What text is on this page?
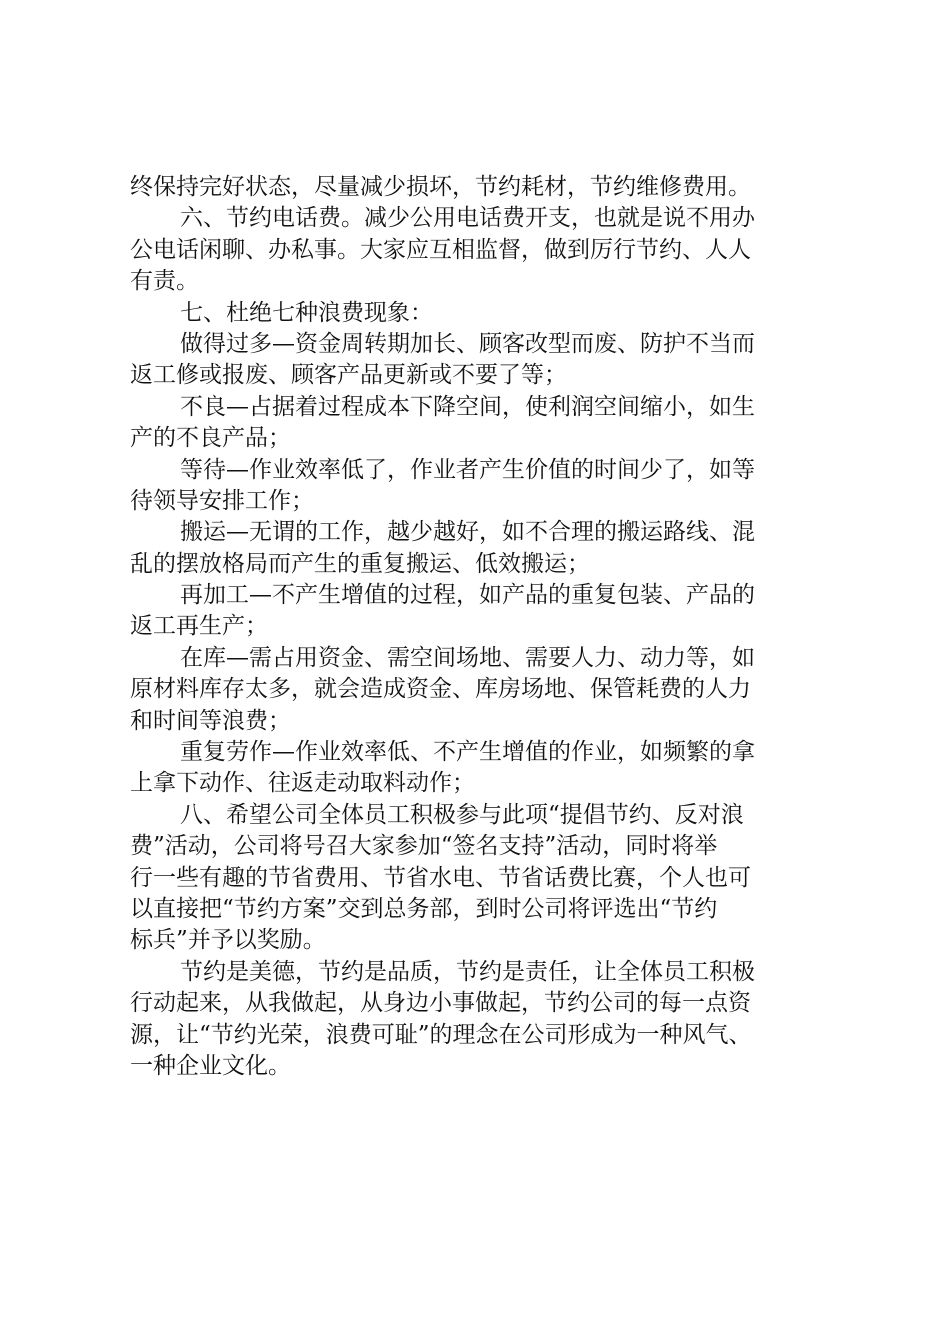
终保持完好状态，尽量减少损坏，节约耗材，节约维修费用。
六、节约电话费。减少公用电话费开支，也就是说不用办
公电话闲聊、办私事。大家应互相监督，做到厉行节约、人人
有责。
七、杜绝七种浪费现象：
做得过多—资金周转期加长、顾客改型而废、防护不当而
返工修或报废、顾客产品更新或不要了等；
不良—占据着过程成本下降空间，使利润空间缩小，如生
产的不良产品；
等待—作业效率低了，作业者产生价值的时间少了，如等
待领导安排工作；
搬运—无谓的工作，越少越好，如不合理的搬运路线、混
乱的摆放格局而产生的重复搬运、低效搬运；
再加工—不产生增值的过程，如产品的重复包装、产品的
返工再生产；
在库—需占用资金、需空间场地、需要人力、动力等，如
原材料库存太多，就会造成资金、库房场地、保管耗费的人力
和时间等浪费；
重复劳作—作业效率低、不产生增值的作业，如频繁的拿
上拿下动作、往返走动取料动作；
八、希望公司全体员工积极参与此项“提倡节约、反对浪
费”活动，公司将号召大家参加“签名支持”活动，同时将举
行一些有趣的节省费用、节省水电、节省话费比赛，个人也可
以直接把“节约方案”交到总务部，到时公司将评选出“节约
标兵”并予以奖励。
节约是美德，节约是品质，节约是责任，让全体员工积极
行动起来，从我做起，从身边小事做起，节约公司的每一点资
源，让“节约光荣，浪费可耻”的理念在公司形成为一种风气、
一种企业文化。
